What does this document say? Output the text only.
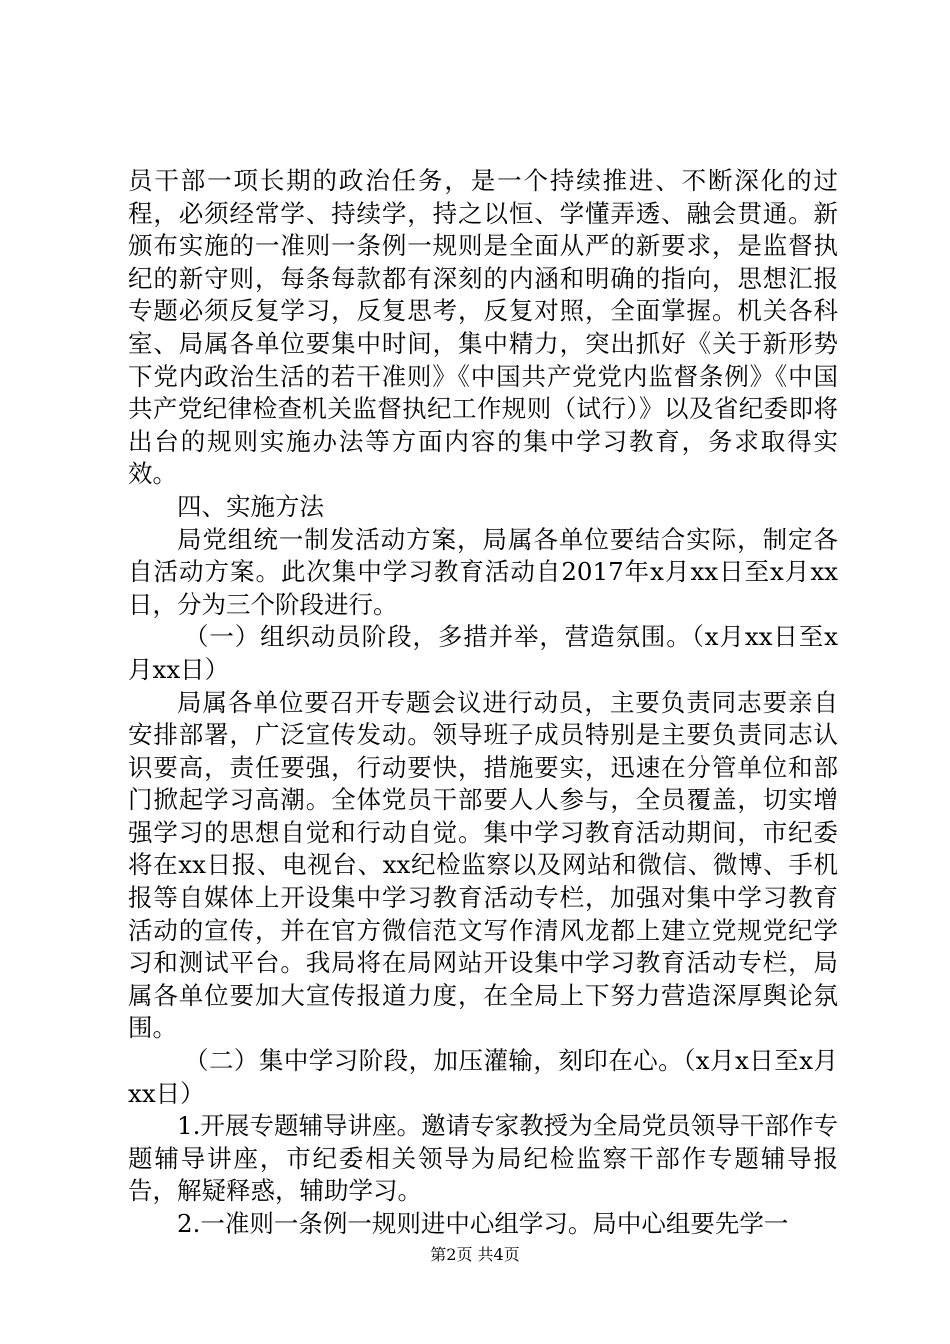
员干部一项长期的政治任务，是一个持续推进、不断深化的过程，必须经常学、持续学，持之以恒、学懂弄透、融会贯通。新颁布实施的一准则一条例一规则是全面从严的新要求，是监督执纪的新守则，每条每款都有深刻的内涵和明确的指向，思想汇报专题必须反复学习，反复思考，反复对照，全面掌握。机关各科室、局属各单位要集中时间，集中精力，突出抓好《关于新形势下党内政治生活的若干准则》《中国共产党党内监督条例》《中国共产党纪律检查机关监督执纪工作规则（试行）》以及省纪委即将出台的规则实施办法等方面内容的集中学习教育，务求取得实效。

四、实施方法

局党组统一制发活动方案，局属各单位要结合实际，制定各自活动方案。此次集中学习教育活动自2017年x月xx日至x月xx日，分为三个阶段进行。

（一）组织动员阶段，多措并举，营造氛围。（x月xx日至x月xx日）

局属各单位要召开专题会议进行动员，主要负责同志要亲自安排部署，广泛宣传发动。领导班子成员特别是主要负责同志认识要高，责任要强，行动要快，措施要实，迅速在分管单位和部门掀起学习高潮。全体党员干部要人人参与，全员覆盖，切实增强学习的思想自觉和行动自觉。集中学习教育活动期间，市纪委将在xx日报、电视台、xx纪检监察以及网站和微信、微博、手机报等自媒体上开设集中学习教育活动专栏，加强对集中学习教育活动的宣传，并在官方微信范文写作清风龙都上建立党规党纪学习和测试平台。我局将在局网站开设集中学习教育活动专栏，局属各单位要加大宣传报道力度，在全局上下努力营造深厚舆论氛围。

（二）集中学习阶段，加压灌输，刻印在心。（x月x日至x月xx日）

1.开展专题辅导讲座。邀请专家教授为全局党员领导干部作专题辅导讲座，市纪委相关领导为局纪检监察干部作专题辅导报告，解疑释惑，辅助学习。

2.一准则一条例一规则进中心组学习。局中心组要先学一

第2页 共4页
